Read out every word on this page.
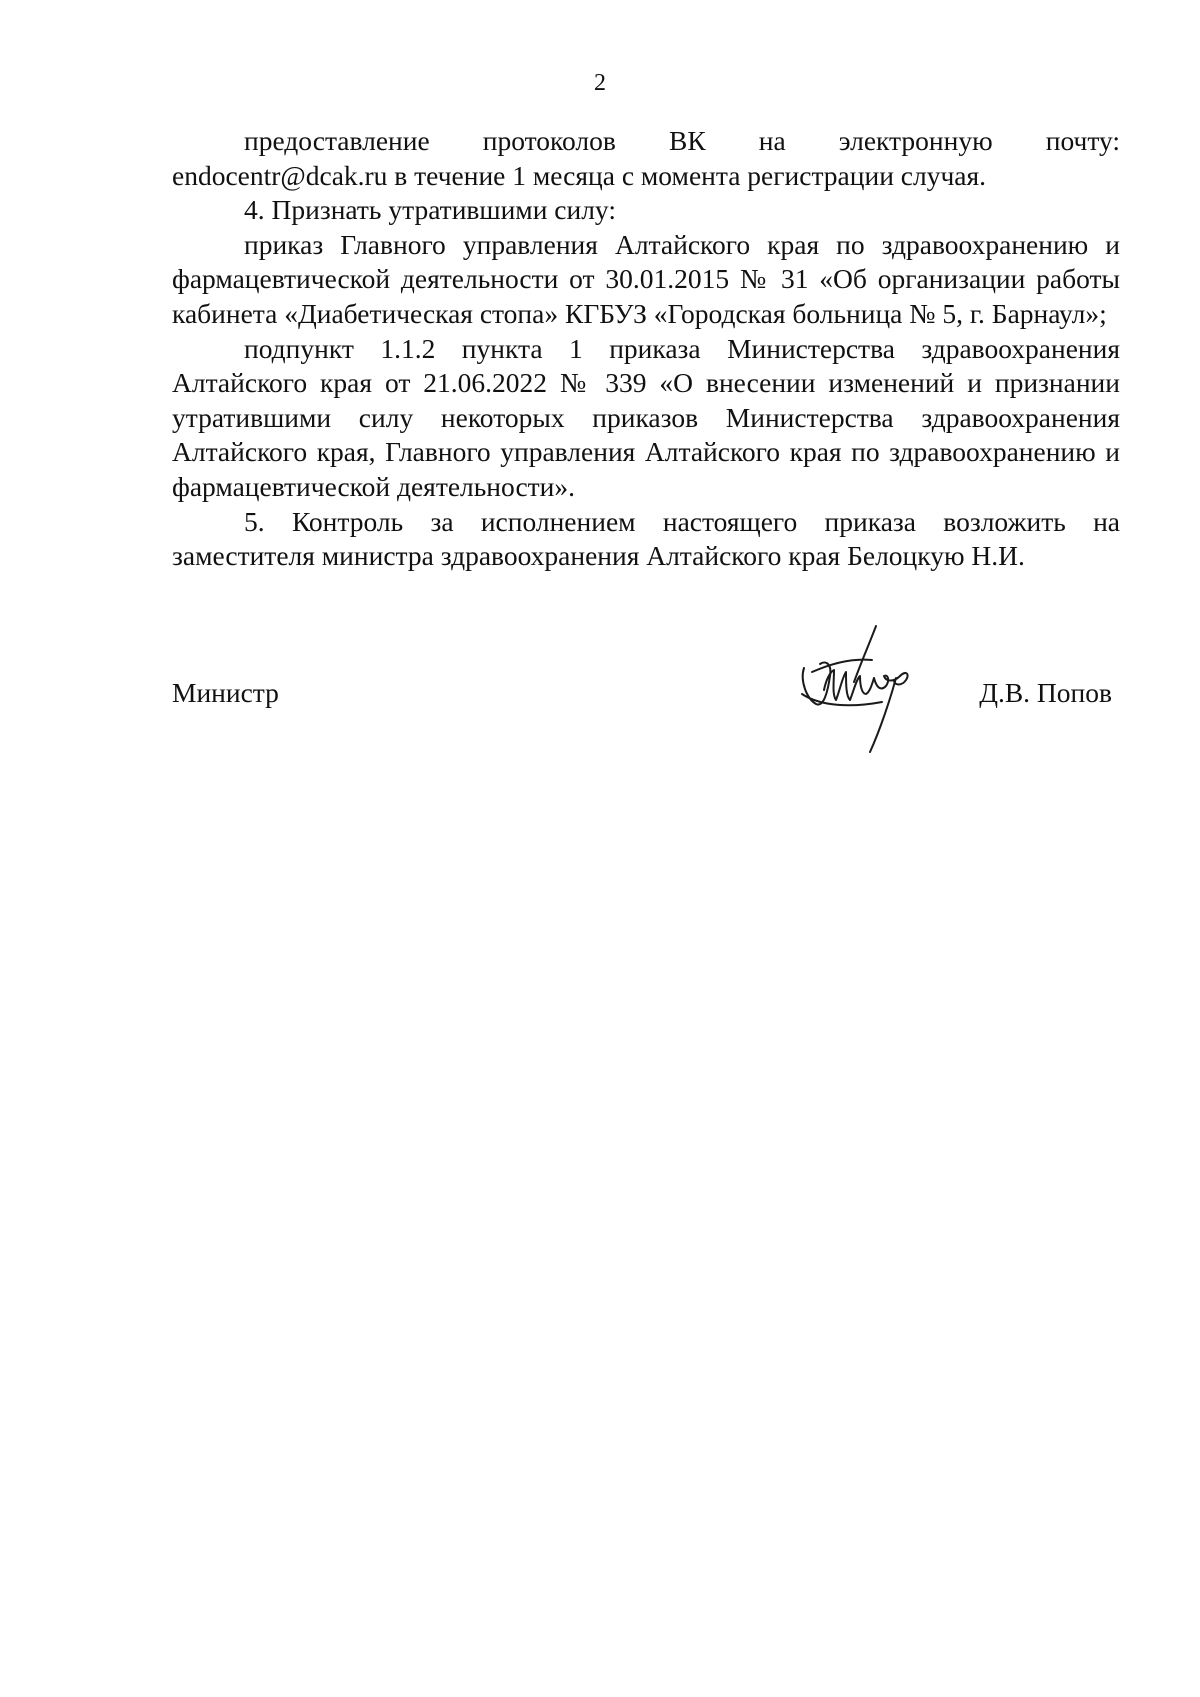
2

предоставление протоколов ВК на электронную почту:

endocentr@dcak.ru в течение 1 месяца с момента регистрации случая.

4. Признать утратившими силу:

приказ Главного управления Алтайского края по здравоохранению и фармацевтической деятельности от 30.01.2015 № 31 «Об организации работы кабинета «Диабетическая стопа» КГБУЗ «Городская больница № 5, г. Барнаул»;

подпункт 1.1.2 пункта 1 приказа Министерства здравоохранения Алтайского края от 21.06.2022 № 339 «О внесении изменений и признании утратившими силу некоторых приказов Министерства здравоохранения Алтайского края, Главного управления Алтайского края по здравоохранению и фармацевтической деятельности».

5. Контроль за исполнением настоящего приказа возложить на заместителя министра здравоохранения Алтайского края Белоцкую Н.И.

Министр	Д.В. Попов
